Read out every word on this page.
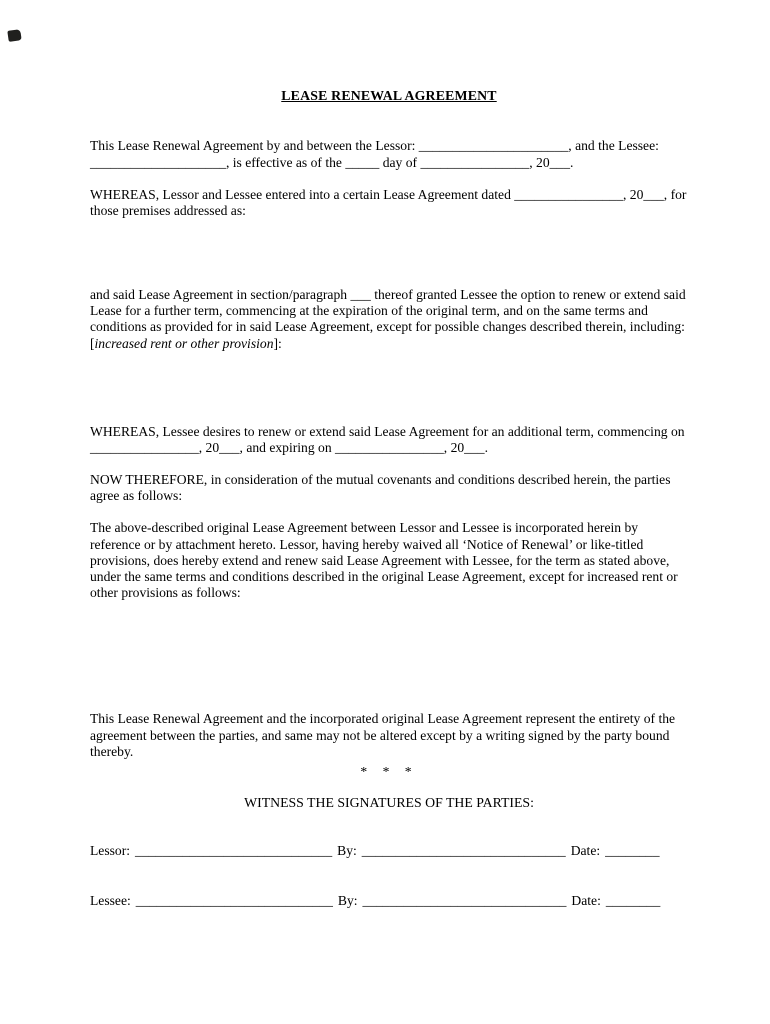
LEASE RENEWAL AGREEMENT

This Lease Renewal Agreement by and between the Lessor: ______________________, and the Lessee: ____________________, is effective as of the _____ day of ________________, 20___.

WHEREAS, Lessor and Lessee entered into a certain Lease Agreement dated ________________, 20___, for those premises addressed as:

and said Lease Agreement in section/paragraph ___ thereof granted Lessee the option to renew or extend said Lease for a further term, commencing at the expiration of the original term, and on the same terms and conditions as provided for in said Lease Agreement, except for possible changes described therein, including:

[increased rent or other provision]:

WHEREAS, Lessee desires to renew or extend said Lease Agreement for an additional term, commencing on ________________, 20___, and expiring on ________________, 20___.

NOW THEREFORE, in consideration of the mutual covenants and conditions described herein, the parties agree as follows:

The above-described original Lease Agreement between Lessor and Lessee is incorporated herein by reference or by attachment hereto. Lessor, having hereby waived all ‘Notice of Renewal’ or like-titled provisions, does hereby extend and renew said Lease Agreement with Lessee, for the term as stated above, under the same terms and conditions described in the original Lease Agreement, except for increased rent or other provisions as follows:

This Lease Renewal Agreement and the incorporated original Lease Agreement represent the entirety of the agreement between the parties, and same may not be altered except by a writing signed by the party bound thereby.

* * *

WITNESS THE SIGNATURES OF THE PARTIES:

Lessor: _____________________________ By: ______________________________ Date: ________
Lessee: _____________________________ By: ______________________________ Date: ________
